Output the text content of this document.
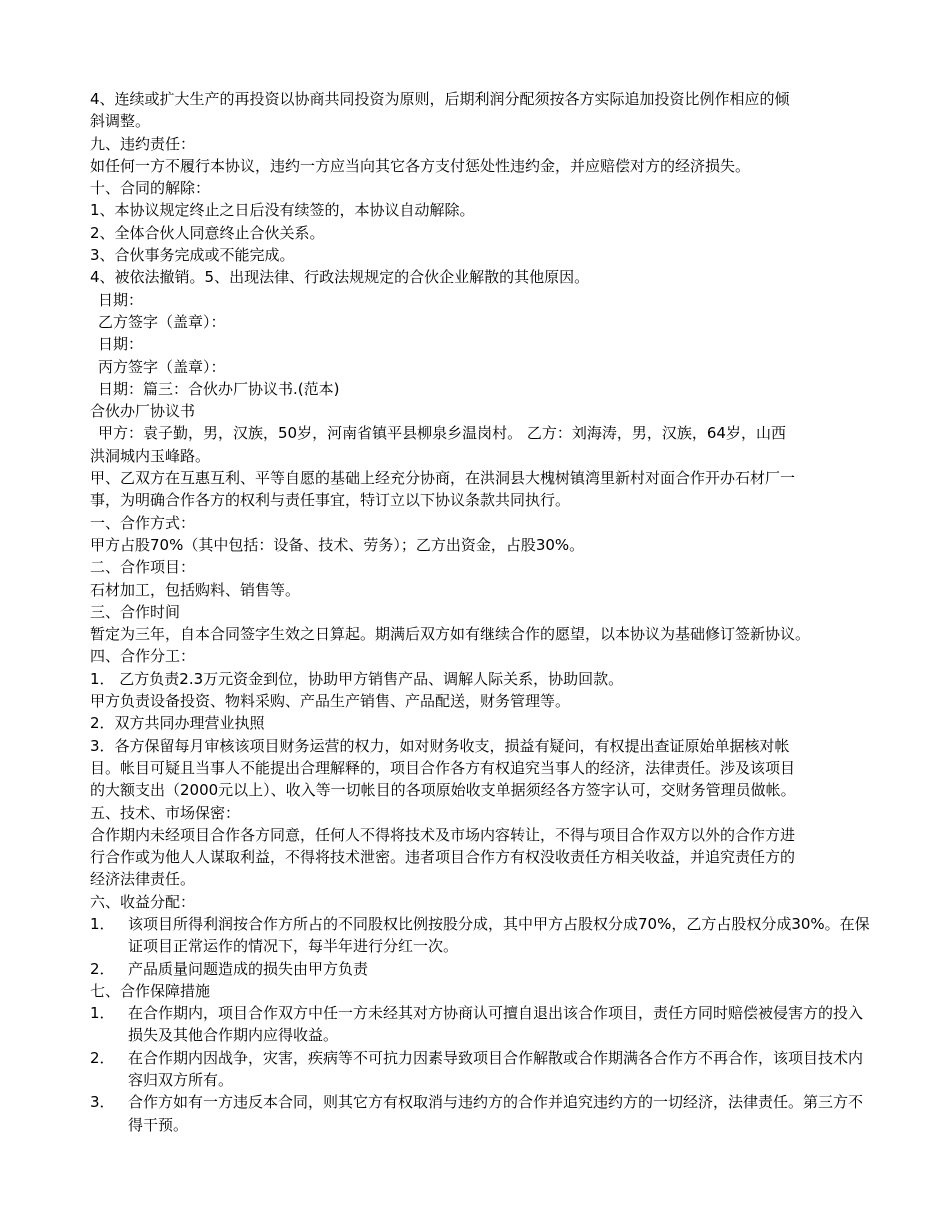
4、连续或扩大生产的再投资以协商共同投资为原则，后期利润分配须按各方实际追加投资比例作相应的倾

斜调整。

九、违约责任：

如任何一方不履行本协议，违约一方应当向其它各方支付惩处性违约金，并应赔偿对方的经济损失。

十、合同的解除：

1、本协议规定终止之日后没有续签的，本协议自动解除。

2、全体合伙人同意终止合伙关系。

3、合伙事务完成或不能完成。

4、被依法撤销。5、出现法律、行政法规规定的合伙企业解散的其他原因。

日期：

乙方签字（盖章）：

日期：

丙方签字（盖章）：

日期：篇三：合伙办厂协议书.(范本)

合伙办厂协议书

甲方：袁子勤，男，汉族，50岁，河南省镇平县柳泉乡温岗村。 乙方：刘海涛，男，汉族，64岁，山西

洪洞城内玉峰路。

甲、乙双方在互惠互利、平等自愿的基础上经充分协商，在洪洞县大槐树镇湾里新村对面合作开办石材厂一

事，为明确合作各方的权利与责任事宜，特订立以下协议条款共同执行。

一、合作方式：

甲方占股70%（其中包括：设备、技术、劳务）；乙方出资金，占股30%。

二、合作项目：

石材加工，包括购料、销售等。

三、合作时间

暂定为三年，自本合同签字生效之日算起。期满后双方如有继续合作的愿望，以本协议为基础修订签新协议。

四、合作分工：

1． 乙方负责2.3万元资金到位，协助甲方销售产品、调解人际关系，协助回款。

甲方负责设备投资、物料采购、产品生产销售、产品配送，财务管理等。

2．双方共同办理营业执照

3．各方保留每月审核该项目财务运营的权力，如对财务收支，损益有疑问，有权提出查证原始单据核对帐

目。帐目可疑且当事人不能提出合理解释的，项目合作各方有权追究当事人的经济，法律责任。涉及该项目

的大额支出（2000元以上）、收入等一切帐目的各项原始收支单据须经各方签字认可，交财务管理员做帐。

五、技术、市场保密：

合作期内未经项目合作各方同意，任何人不得将技术及市场内容转让，不得与项目合作双方以外的合作方进

行合作或为他人人谋取利益，不得将技术泄密。违者项目合作方有权没收责任方相关收益，并追究责任方的

经济法律责任。

六、收益分配：

1． 该项目所得利润按合作方所占的不同股权比例按股分成，其中甲方占股权分成70%，乙方占股权分成30%。在保证项目正常运作的情况下，每半年进行分红一次。
2． 产品质量问题造成的损失由甲方负责

七、合作保障措施

1． 在合作期内，项目合作双方中任一方未经其对方协商认可擅自退出该合作项目，责任方同时赔偿被侵害方的投入损失及其他合作期内应得收益。
2． 在合作期内因战争，灾害，疾病等不可抗力因素导致项目合作解散或合作期满各合作方不再合作，该项目技术内容归双方所有。
3． 合作方如有一方违反本合同，则其它方有权取消与违约方的合作并追究违约方的一切经济，法律责任。第三方不得干预。
